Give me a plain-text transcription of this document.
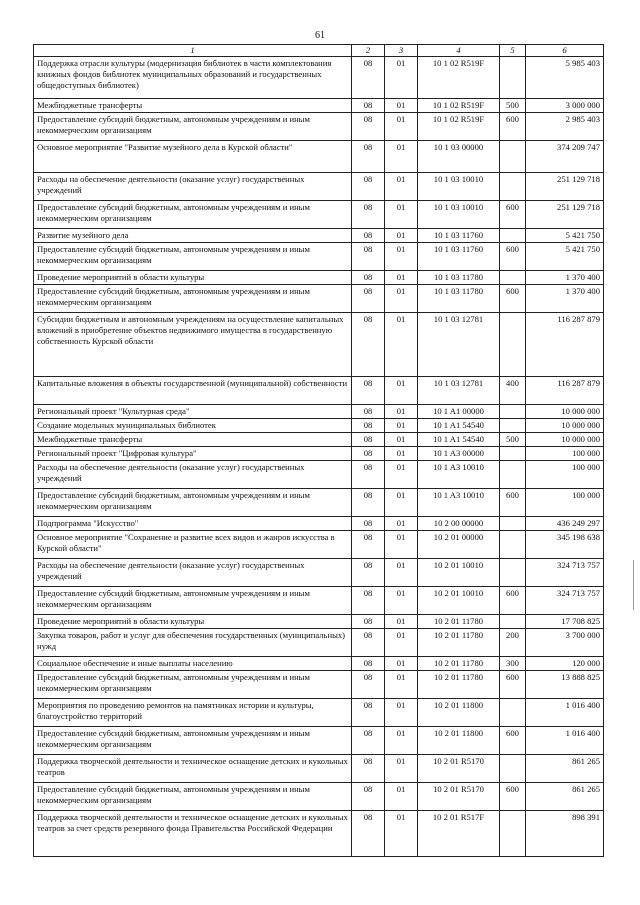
61
1	2	3	4	5	6
Поддержка отрасли культуры (модернизация библиотек в части комплектования книжных фондов библиотек муниципальных образований и государственных общедоступных библиотек)	08	01	10 1 02 R519F		5 985 403
Межбюджетные трансферты	08	01	10 1 02 R519F	500	3 000 000
Предоставление субсидий бюджетным, автономным учреждениям и иным некоммерческим организациям	08	01	10 1 02 R519F	600	2 985 403
Основное мероприятие "Развитие музейного дела в Курской области"	08	01	10 1 03 00000		374 209 747
Расходы на обеспечение деятельности (оказание услуг) государственных учреждений	08	01	10 1 03 10010		251 129 718
Предоставление субсидий бюджетным, автономным учреждениям и иным некоммерческим организациям	08	01	10 1 03 10010	600	251 129 718
Развитие музейного дела	08	01	10 1 03 11760		5 421 750
Предоставление субсидий бюджетным, автономным учреждениям и иным некоммерческим организациям	08	01	10 1 03 11760	600	5 421 750
Проведение мероприятий в области культуры	08	01	10 1 03 11780		1 370 400
Предоставление субсидий бюджетным, автономным учреждениям и иным некоммерческим организациям	08	01	10 1 03 11780	600	1 370 400
Субсидии бюджетным и автономным учреждениям на осуществление капитальных вложений в приобретение объектов недвижимого имущества в государственную собственность Курской области	08	01	10 1 03 12781		116 287 879
Капитальные вложения в объекты государственной (муниципальной) собственности	08	01	10 1 03 12781	400	116 287 879
Региональный проект "Культурная среда"	08	01	10 1 A1 00000		10 000 000
Создание модельных муниципальных библиотек	08	01	10 1 A1 54540		10 000 000
Межбюджетные трансферты	08	01	10 1 A1 54540	500	10 000 000
Региональный проект "Цифровая культура"	08	01	10 1 A3 00000		100 000
Расходы на обеспечение деятельности (оказание услуг) государственных учреждений	08	01	10 1 A3 10010		100 000
Предоставление субсидий бюджетным, автономным учреждениям и иным некоммерческим организациям	08	01	10 1 A3 10010	600	100 000
Подпрограмма "Искусство"	08	01	10 2 00 00000		436 249 297
Основное мероприятие "Сохранение и развитие всех видов и жанров искусства в Курской области"	08	01	10 2 01 00000		345 198 638
Расходы на обеспечение деятельности (оказание услуг) государственных учреждений	08	01	10 2 01 10010		324 713 757
Предоставление субсидий бюджетным, автономным учреждениям и иным некоммерческим организациям	08	01	10 2 01 10010	600	324 713 757
Проведение мероприятий в области культуры	08	01	10 2 01 11780		17 708 825
Закупка товаров, работ и услуг для обеспечения государственных (муниципальных) нужд	08	01	10 2 01 11780	200	3 700 000
Социальное обеспечение и иные выплаты населению	08	01	10 2 01 11780	300	120 000
Предоставление субсидий бюджетным, автономным учреждениям и иным некоммерческим организациям	08	01	10 2 01 11780	600	13 888 825
Мероприятия по проведению ремонтов на памятниках истории и культуры, благоустройство территорий	08	01	10 2 01 11800		1 016 400
Предоставление субсидий бюджетным, автономным учреждениям и иным некоммерческим организациям	08	01	10 2 01 11800	600	1 016 400
Поддержка творческой деятельности и техническое оснащение детских и кукольных театров	08	01	10 2 01 R5170		861 265
Предоставление субсидий бюджетным, автономным учреждениям и иным некоммерческим организациям	08	01	10 2 01 R5170	600	861 265
Поддержка творческой деятельности и техническое оснащение детских и кукольных театров за счет средств резервного фонда Правительства Российской Федерации	08	01	10 2 01 R517F		898 391
